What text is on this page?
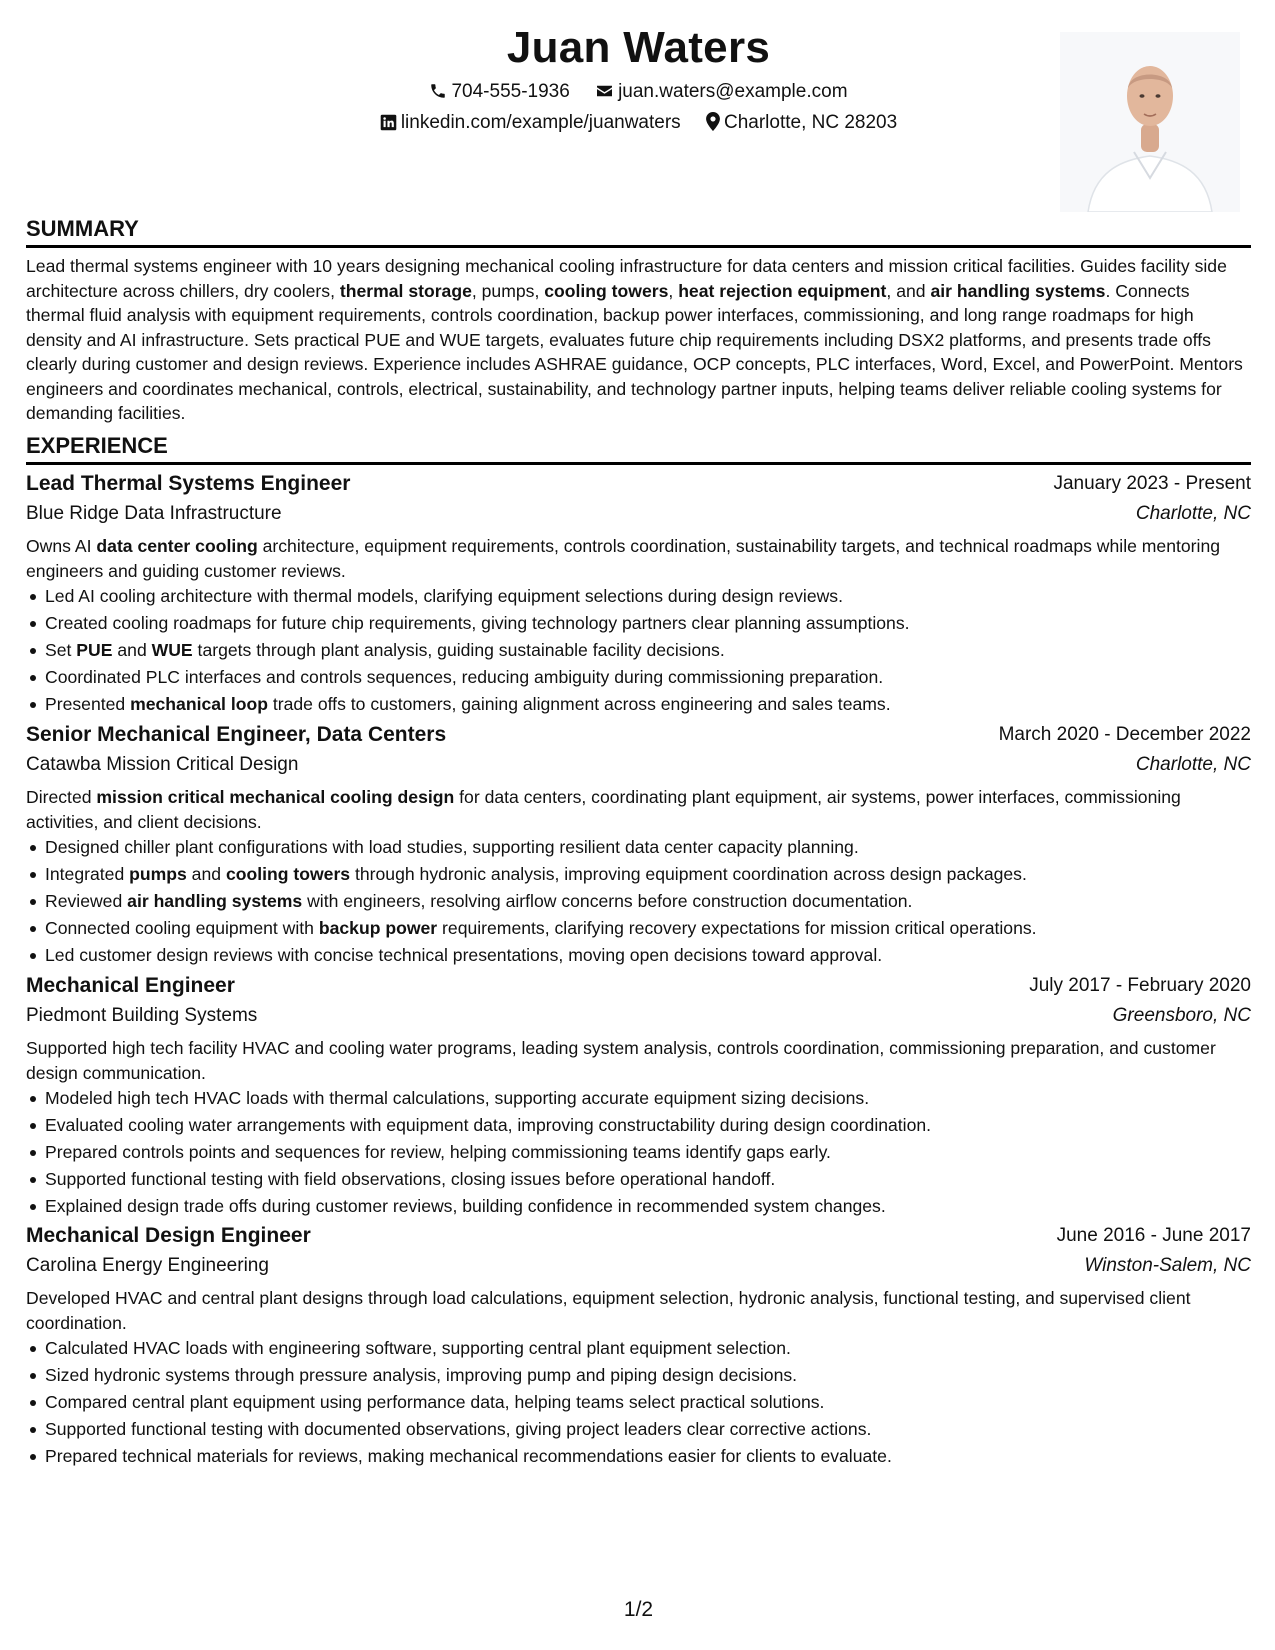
Juan Waters
704-555-1936	juan.waters@example.com
linkedin.com/example/juanwaters Charlotte, NC 28203
SUMMARY

Lead thermal systems engineer with 10 years designing mechanical cooling infrastructure for data centers and mission critical facilities. Guides facility side architecture across chillers, dry coolers, thermal storage, pumps, cooling towers, heat rejection equipment, and air handling systems. Connects thermal fluid analysis with equipment requirements, controls coordination, backup power interfaces, commissioning, and long range roadmaps for high density and AI infrastructure. Sets practical PUE and WUE targets, evaluates future chip requirements including DSX2 platforms, and presents trade offs clearly during customer and design reviews. Experience includes ASHRAE guidance, OCP concepts, PLC interfaces, Word, Excel, and PowerPoint. Mentors engineers and coordinates mechanical, controls, electrical, sustainability, and technology partner inputs, helping teams deliver reliable cooling systems for demanding facilities.

EXPERIENCE
Lead Thermal Systems Engineer	January 2023 - Present
Blue Ridge Data Infrastructure	Charlotte, NC

Owns AI data center cooling architecture, equipment requirements, controls coordination, sustainability targets, and technical roadmaps while mentoring engineers and guiding customer reviews.

Led AI cooling architecture with thermal models, clarifying equipment selections during design reviews.
Created cooling roadmaps for future chip requirements, giving technology partners clear planning assumptions.
Set PUE and WUE targets through plant analysis, guiding sustainable facility decisions.
Coordinated PLC interfaces and controls sequences, reducing ambiguity during commissioning preparation.
Presented mechanical loop trade offs to customers, gaining alignment across engineering and sales teams.
Senior Mechanical Engineer, Data Centers	March 2020 - December 2022
Catawba Mission Critical Design	Charlotte, NC

Directed mission critical mechanical cooling design for data centers, coordinating plant equipment, air systems, power interfaces, commissioning activities, and client decisions.

Designed chiller plant configurations with load studies, supporting resilient data center capacity planning.
Integrated pumps and cooling towers through hydronic analysis, improving equipment coordination across design packages.
Reviewed air handling systems with engineers, resolving airflow concerns before construction documentation.
Connected cooling equipment with backup power requirements, clarifying recovery expectations for mission critical operations.
Led customer design reviews with concise technical presentations, moving open decisions toward approval.
Mechanical Engineer	July 2017 - February 2020
Piedmont Building Systems	Greensboro, NC

Supported high tech facility HVAC and cooling water programs, leading system analysis, controls coordination, commissioning preparation, and customer design communication.

Modeled high tech HVAC loads with thermal calculations, supporting accurate equipment sizing decisions.
Evaluated cooling water arrangements with equipment data, improving constructability during design coordination.
Prepared controls points and sequences for review, helping commissioning teams identify gaps early.
Supported functional testing with field observations, closing issues before operational handoff.
Explained design trade offs during customer reviews, building confidence in recommended system changes.
Mechanical Design Engineer	June 2016 - June 2017
Carolina Energy Engineering	Winston-Salem, NC

Developed HVAC and central plant designs through load calculations, equipment selection, hydronic analysis, functional testing, and supervised client coordination.

Calculated HVAC loads with engineering software, supporting central plant equipment selection.
Sized hydronic systems through pressure analysis, improving pump and piping design decisions.
Compared central plant equipment using performance data, helping teams select practical solutions.
Supported functional testing with documented observations, giving project leaders clear corrective actions.
Prepared technical materials for reviews, making mechanical recommendations easier for clients to evaluate.
1/2
